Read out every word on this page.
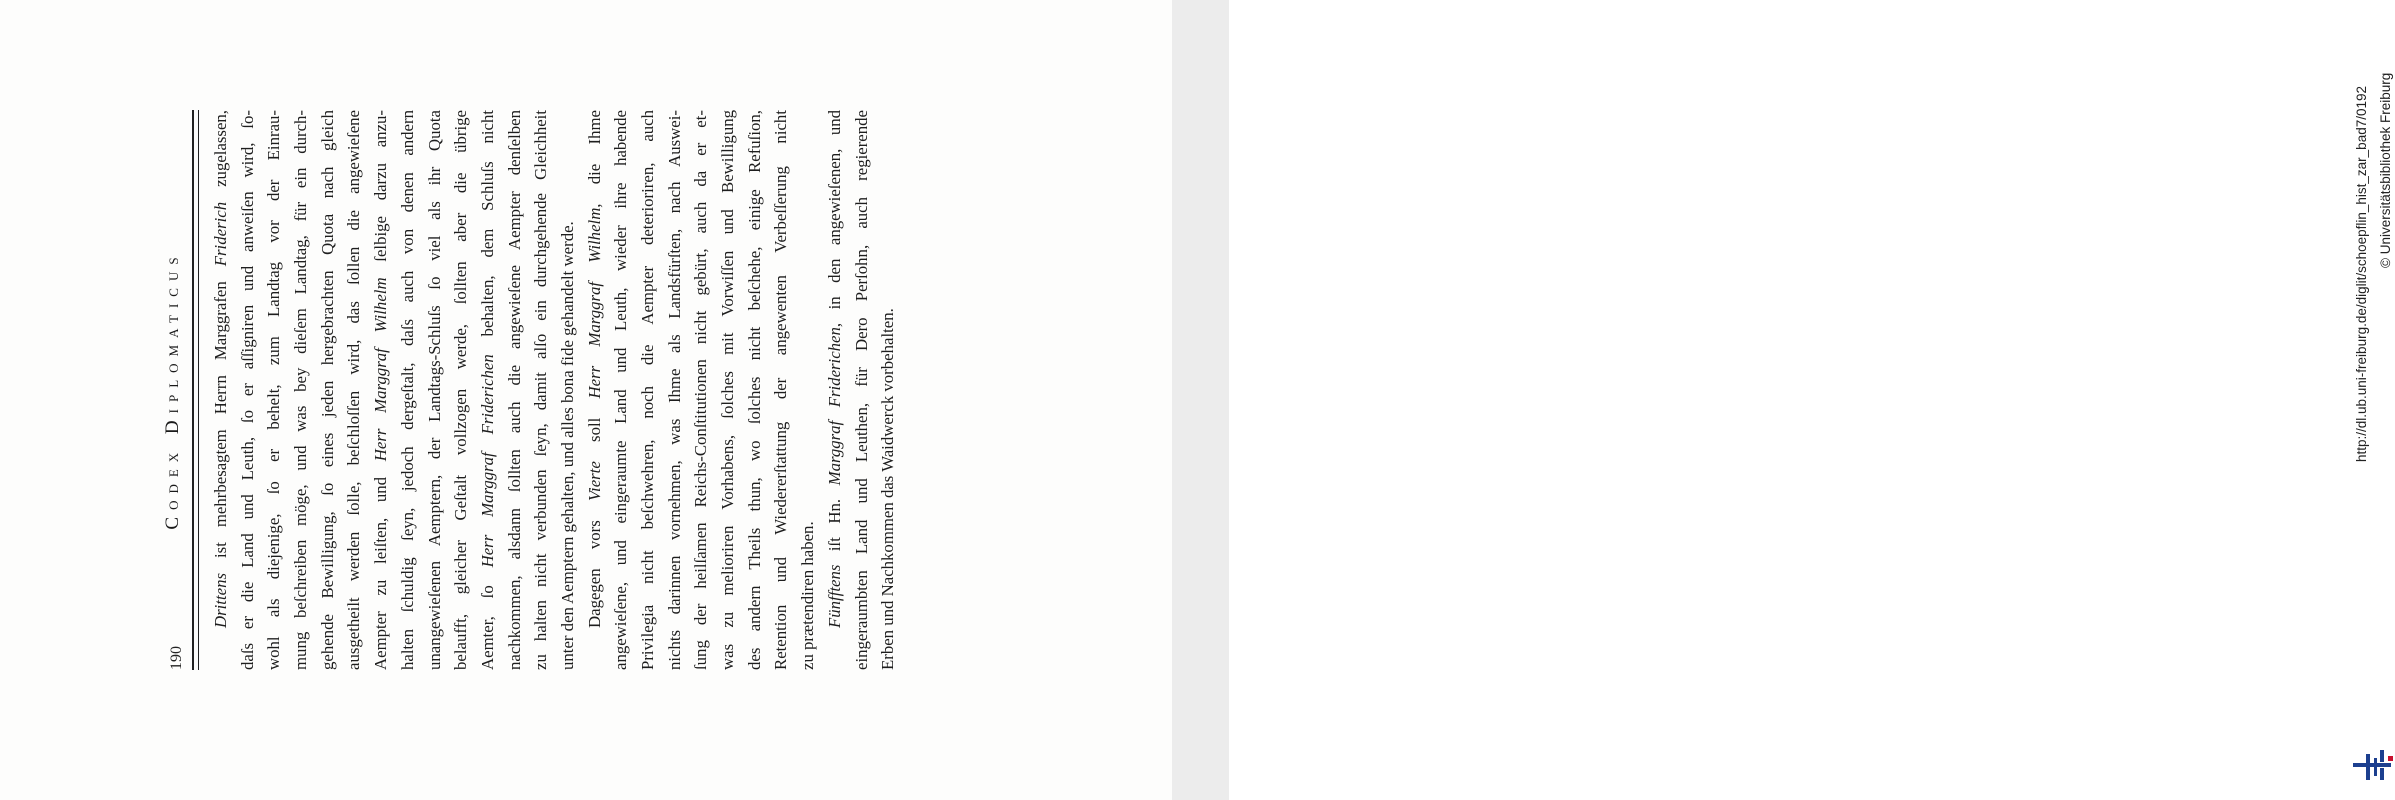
190
Codex Diplomaticus
Drittens ist mehrbesagtem Herrn Marggrafen Friderich zugelassen, daſs er die Land und Leuth, ſo er aſſigniren und anweiſen wird, ſo- wohl als diejenige, ſo er behelt, zum Landtag vor der Einrau- mung beſchreiben möge, und was bey dieſem Landtag, für ein durch- gehende Bewilligung, ſo eines jeden hergebrachten Quota nach gleich ausgetheilt werden ſolle, beſchloſſen wird, das ſollen die angewieſene Aempter zu leiſten, und Herr Marggraf Wilhelm ſelbige darzu anzu- halten ſchuldig ſeyn, jedoch dergeſtalt, daſs auch von denen andern unangewieſenen Aemptern, der Landtags-Schluſs ſo viel als ihr Quota belaufft, gleicher Geſtalt vollzogen werde, ſollten aber die übrige Aemter, ſo Herr Marggraf Friderichen behalten, dem Schluſs nicht nachkommen, alsdann ſollten auch die angewieſene Aempter denſelben zu halten nicht verbunden ſeyn, damit alſo ein durchgehende Gleichheit unter den Aemptern gehalten, und alles bona fide gehandelt werde. Dagegen vors Vierte soll Herr Marggraf Wilhelm, die Ihme angewieſene, und eingeraumte Land und Leuth, wieder ihre habende Privilegia nicht beſchwehren, noch die Aempter deterioriren, auch nichts darinnen vornehmen, was Ihme als Landsfürſten, nach Auswei- ſung der heilſamen Reichs-Conſtitutionen nicht gebürt, auch da er et- was zu melioriren Vorhabens, ſolches mit Vorwiſſen und Bewilligung des andern Theils thun, wo ſolches nicht beſchehe, einige Refuſion, Retention und Wiedererſtattung der angewenten Verbeſſerung nicht zu prætendiren haben. Fünfftens iſt Hn. Marggraf Friderichen, in den angewieſenen, und eingeraumbten Land und Leuthen, für Dero Perſohn, auch regierende Erben und Nachkommen das Waidwerck vorbehalten.
http://dl.ub.uni-freiburg.de/diglit/schoepflin_hist_zar_bad7/0192 © Universitätsbibliothek Freiburg
